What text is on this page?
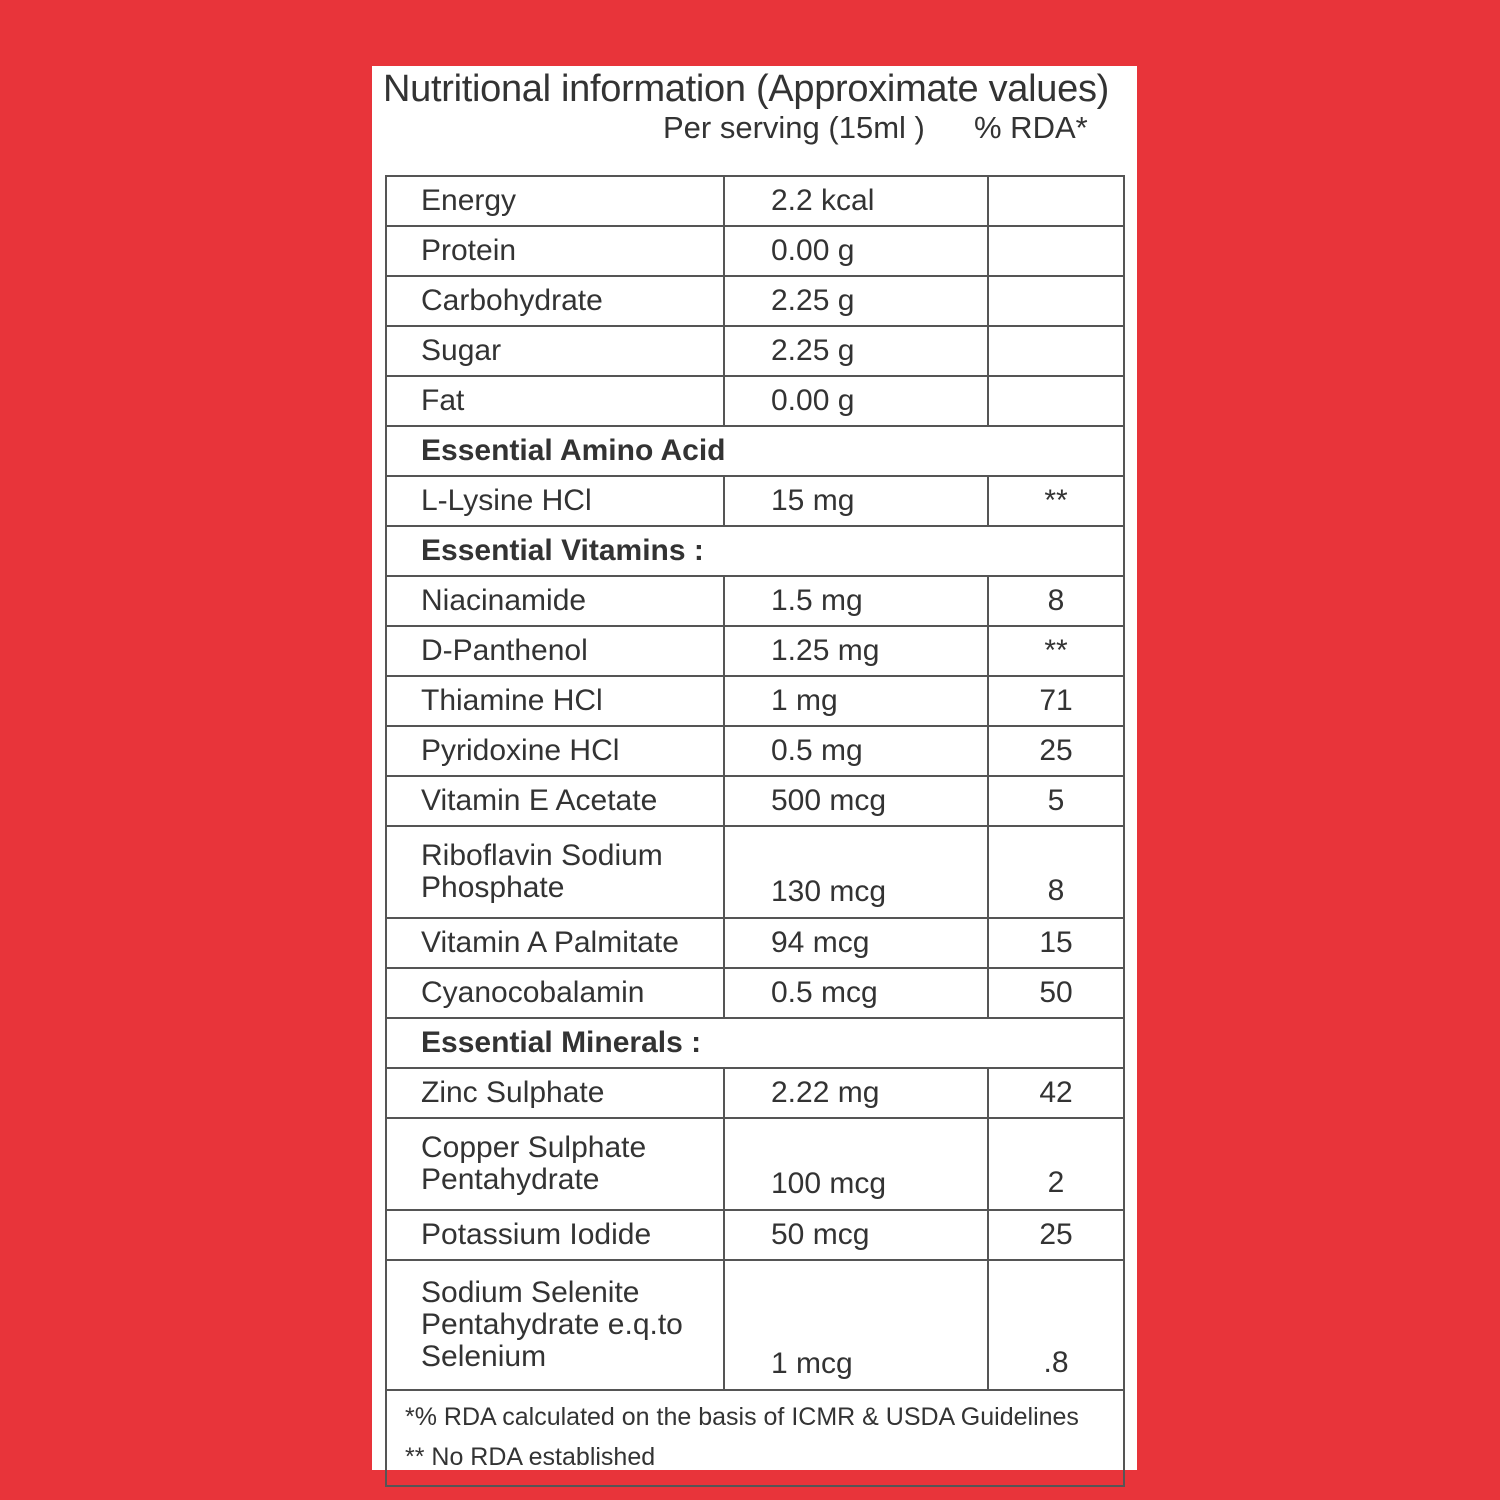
Nutritional information (Approximate values)
Per serving (15ml ) % RDA*
Energy	2.2 kcal	
Protein	0.00 g	
Carbohydrate	2.25 g	
Sugar	2.25 g	
Fat	0.00 g	
Essential Amino Acid		
L-Lysine HCl	15 mg	**
Essential Vitamins :		
Niacinamide	1.5 mg	8
D-Panthenol	1.25 mg	**
Thiamine HCl	1 mg	71
Pyridoxine HCl	0.5 mg	25
Vitamin E Acetate	500 mcg	5
Riboflavin Sodium
Phosphate	130 mcg	8
Vitamin A Palmitate	94 mcg	15
Cyanocobalamin	0.5 mcg	50
Essential Minerals :		
Zinc Sulphate	2.22 mg	42
Copper Sulphate
Pentahydrate	100 mcg	2
Potassium Iodide	50 mcg	25
Sodium Selenite
Pentahydrate e.q.to
Selenium	1 mcg	.8

*% RDA calculated on the basis of ICMR & USDA Guidelines
** No RDA established		
